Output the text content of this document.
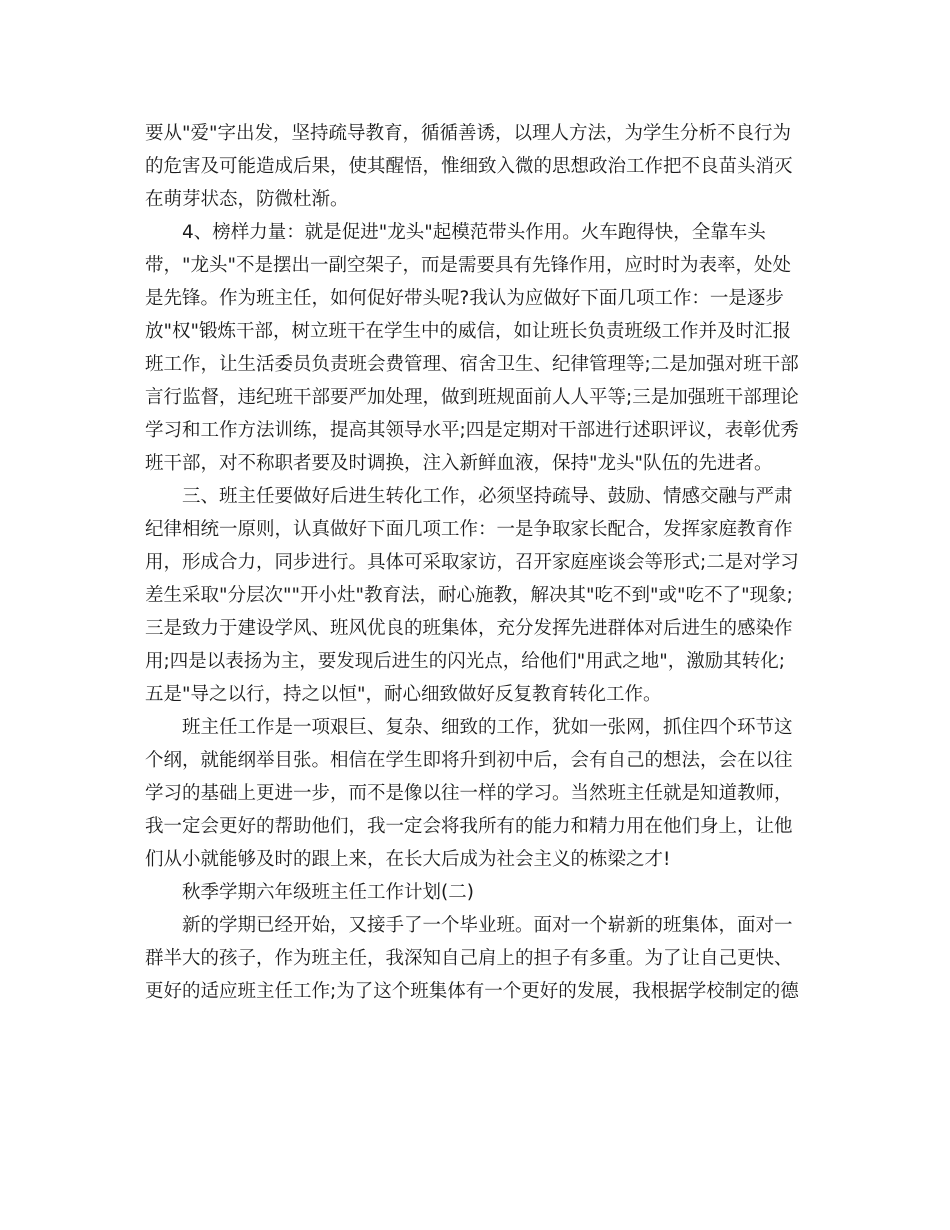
要从"爱"字出发，坚持疏导教育，循循善诱，以理人方法，为学生分析不良行为
的危害及可能造成后果，使其醒悟，惟细致入微的思想政治工作把不良苗头消灭
在萌芽状态，防微杜渐。
4、榜样力量：就是促进"龙头"起模范带头作用。火车跑得快，全靠车头
带，"龙头"不是摆出一副空架子，而是需要具有先锋作用，应时时为表率，处处
是先锋。作为班主任，如何促好带头呢?我认为应做好下面几项工作：一是逐步
放"权"锻炼干部，树立班干在学生中的威信，如让班长负责班级工作并及时汇报
班工作，让生活委员负责班会费管理、宿舍卫生、纪律管理等;二是加强对班干部
言行监督，违纪班干部要严加处理，做到班规面前人人平等;三是加强班干部理论
学习和工作方法训练，提高其领导水平;四是定期对干部进行述职评议，表彰优秀
班干部，对不称职者要及时调换，注入新鲜血液，保持"龙头"队伍的先进者。
三、班主任要做好后进生转化工作，必须坚持疏导、鼓励、情感交融与严肃
纪律相统一原则，认真做好下面几项工作：一是争取家长配合，发挥家庭教育作
用，形成合力，同步进行。具体可采取家访，召开家庭座谈会等形式;二是对学习
差生采取"分层次""开小灶"教育法，耐心施教，解决其"吃不到"或"吃不了"现象;
三是致力于建设学风、班风优良的班集体，充分发挥先进群体对后进生的感染作
用;四是以表扬为主，要发现后进生的闪光点，给他们"用武之地"，激励其转化;
五是"导之以行，持之以恒"，耐心细致做好反复教育转化工作。
班主任工作是一项艰巨、复杂、细致的工作，犹如一张网，抓住四个环节这
个纲，就能纲举目张。相信在学生即将升到初中后，会有自己的想法，会在以往
学习的基础上更进一步，而不是像以往一样的学习。当然班主任就是知道教师，
我一定会更好的帮助他们，我一定会将我所有的能力和精力用在他们身上，让他
们从小就能够及时的跟上来，在长大后成为社会主义的栋梁之才!
秋季学期六年级班主任工作计划(二)
新的学期已经开始，又接手了一个毕业班。面对一个崭新的班集体，面对一
群半大的孩子，作为班主任，我深知自己肩上的担子有多重。为了让自己更快、
更好的适应班主任工作;为了这个班集体有一个更好的发展，我根据学校制定的德
